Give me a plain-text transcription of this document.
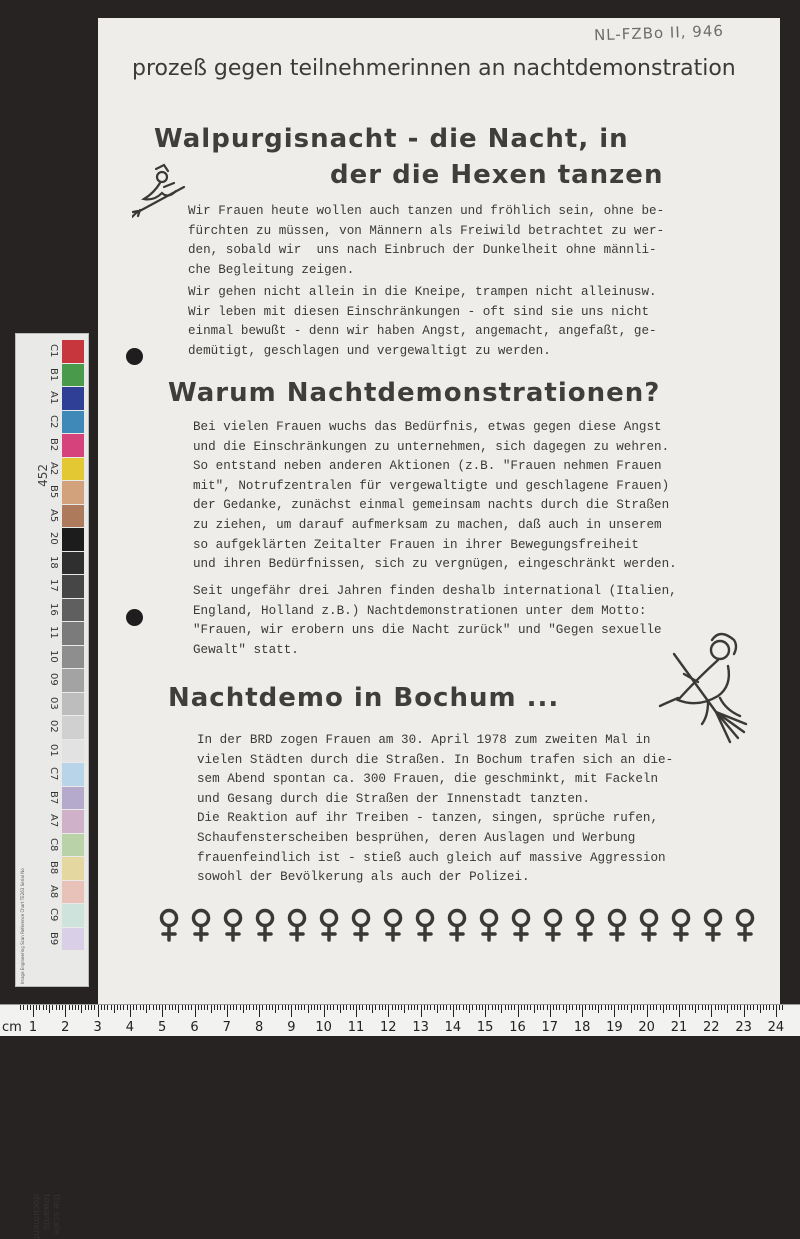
NL-FZBo II, 946
prozeß gegen teilnehmerinnen an nachtdemonstration
Walpurgisnacht - die Nacht, in
der die Hexen tanzen
Wir Frauen heute wollen auch tanzen und fröhlich sein, ohne be-
fürchten zu müssen, von Männern als Freiwild betrachtet zu wer-
den, sobald wir  uns nach Einbruch der Dunkelheit ohne männli-
che Begleitung zeigen.
Wir gehen nicht allein in die Kneipe, trampen nicht alleinusw.
Wir leben mit diesen Einschränkungen - oft sind sie uns nicht
einmal bewußt - denn wir haben Angst, angemacht, angefaßt, ge-
demütigt, geschlagen und vergewaltigt zu werden.
Warum Nachtdemonstrationen?
Bei vielen Frauen wuchs das Bedürfnis, etwas gegen diese Angst
und die Einschränkungen zu unternehmen, sich dagegen zu wehren.
So entstand neben anderen Aktionen (z.B. "Frauen nehmen Frauen
mit", Notrufzentralen für vergewaltigte und geschlagene Frauen)
der Gedanke, zunächst einmal gemeinsam nachts durch die Straßen
zu ziehen, um darauf aufmerksam zu machen, daß auch in unserem
so aufgeklärten Zeitalter Frauen in ihrer Bewegungsfreiheit
und ihren Bedürfnissen, sich zu vergnügen, eingeschränkt werden.
Seit ungefähr drei Jahren finden deshalb international (Italien,
England, Holland z.B.) Nachtdemonstrationen unter dem Motto:
"Frauen, wir erobern uns die Nacht zurück" und "Gegen sexuelle
Gewalt" statt.
Nachtdemo in Bochum ...
In der BRD zogen Frauen am 30. April 1978 zum zweiten Mal in
vielen Städten durch die Straßen. In Bochum trafen sich an die-
sem Abend spontan ca. 300 Frauen, die geschminkt, mit Fackeln
und Gesang durch die Straßen der Innenstadt tanzten.
Die Reaktion auf ihr Treiben - tanzen, singen, sprüche rufen,
Schaufensterscheiben besprühen, deren Auslagen und Werbung
frauenfeindlich ist - stieß auch gleich auf massive Aggression
sowohl der Bevölkerung als auch der Polizei.
Image Engineering Scan Reference Chart TE263 Serial No
452
C1
B1
A1
C2
B2
A2
B5
A5
20
18
17
16
11
10
09
03
02
01
C7
B7
A7
C8
B8
A8
C9
B9
the scale towards document
cm 1 2 3 4 5 6 7 8 9 10 11 12 13 14 15 16 17 18 19 20 21 22 23 24
